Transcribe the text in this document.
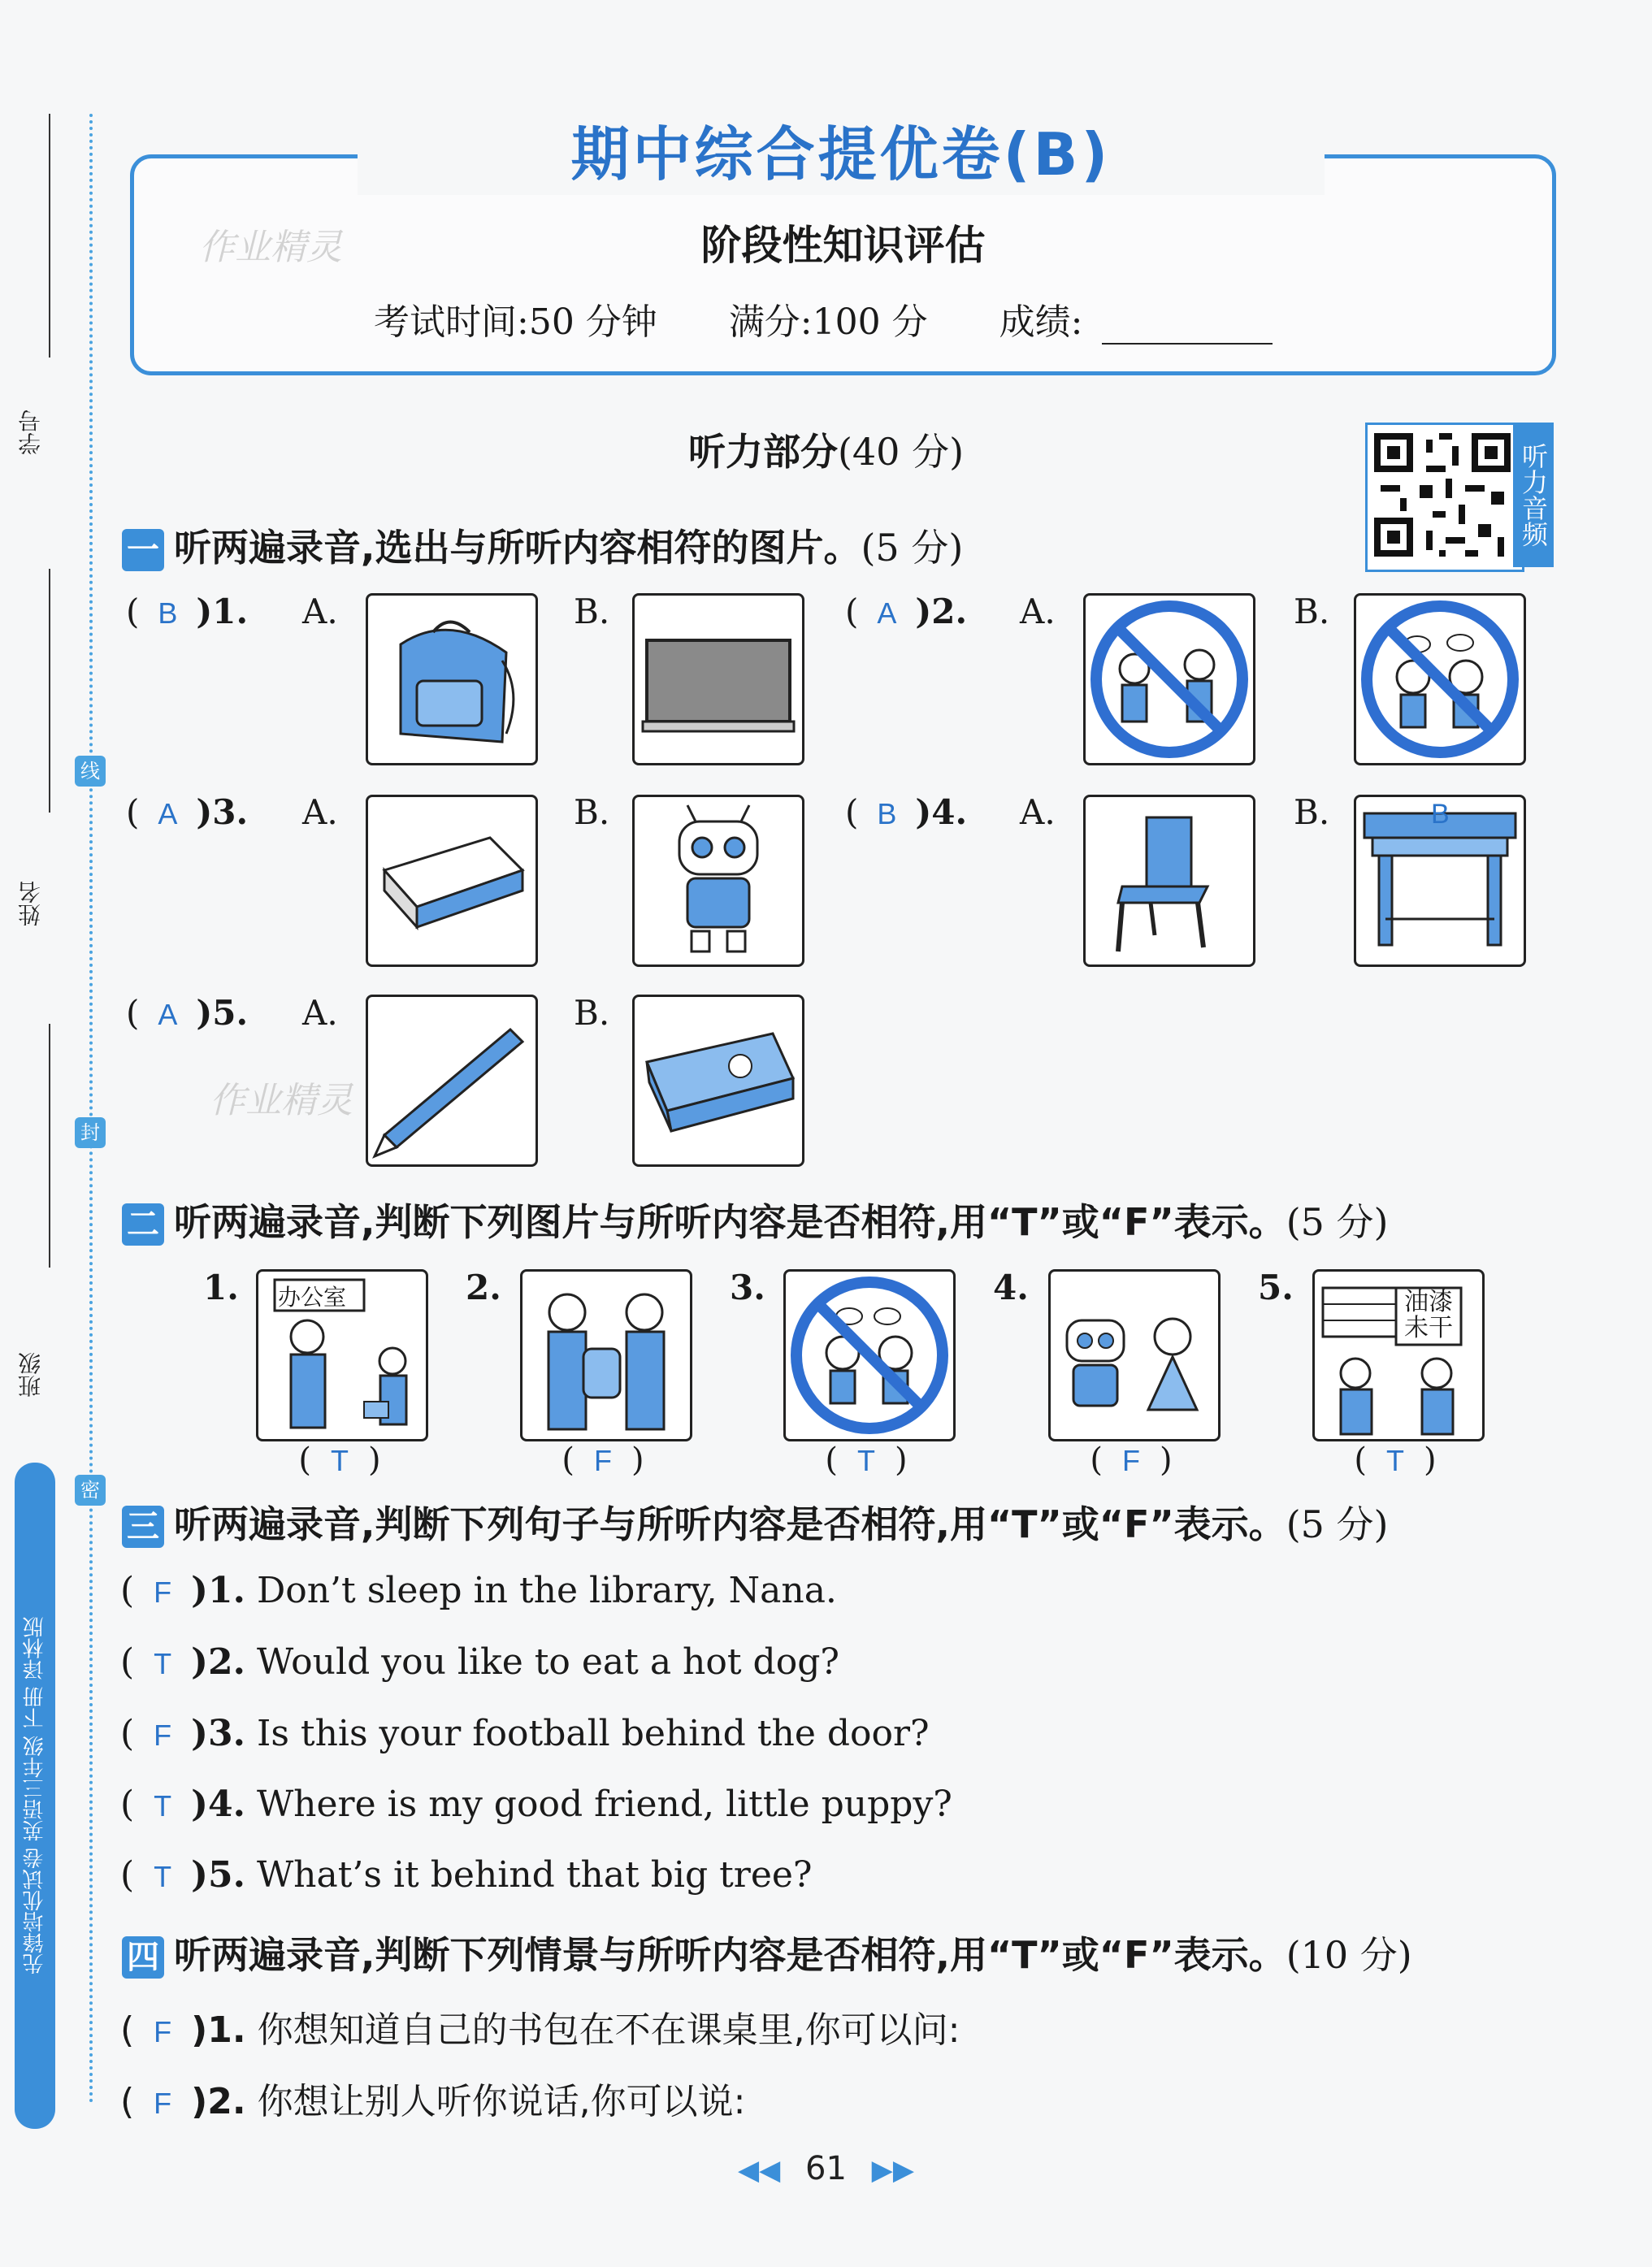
学号
姓名
班级
线
封
密
先锋培优试卷 英语三年级 下册 译林版
期中综合提优卷(B)
作业精灵	阶段性知识评估
考试时间:50 分钟 满分:100 分 成绩:
听力部分(40 分)	听力音频
一 听两遍录音,选出与所听内容相符的图片。(5 分)
( B )1. A.	B.	( A )2. A.	B.
( A )3. A.	B.	( B )4. A.	B.	B
( A )5. A.
作业精灵
B.
二 听两遍录音,判断下列图片与所听内容是否相符,用“T”或“F”表示。(5 分)
1. 办公室
( T )
2.
( F )
3.
( T )
4.
( F )
5.	油漆未干
( T )
三 听两遍录音,判断下列句子与所听内容是否相符,用“T”或“F”表示。(5 分)
( F )1. Don’t sleep in the library, Nana.
( T )2. Would you like to eat a hot dog?
( F )3. Is this your football behind the door?
( T )4. Where is my good friend, little puppy?
( T )5. What’s it behind that big tree?
四 听两遍录音,判断下列情景与所听内容是否相符,用“T”或“F”表示。(10 分)
( F )1. 你想知道自己的书包在不在课桌里,你可以问:
( F )2. 你想让别人听你说话,你可以说:
◀◀ 61 ▶▶
